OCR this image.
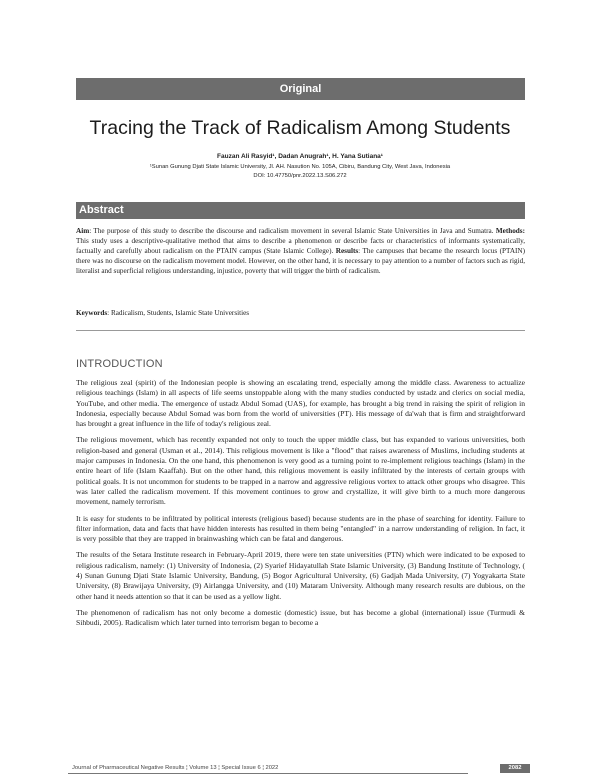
Original
Tracing the Track of Radicalism Among Students
Fauzan Ali Rasyid¹, Dadan Anugrah¹, H. Yana Sutiana¹
¹Sunan Gunung Djati State Islamic University, Jl. AH. Nasution No. 105A, Cibiru, Bandung City, West Java, Indonesia
DOI: 10.47750/pnr.2022.13.S06.272
Abstract
Aim: The purpose of this study to describe the discourse and radicalism movement in several Islamic State Universities in Java and Sumatra. Methods: This study uses a descriptive-qualitative method that aims to describe a phenomenon or describe facts or characteristics of informants systematically, factually and carefully about radicalism on the PTAIN campus (State Islamic College). Results: The campuses that became the research locus (PTAIN) there was no discourse on the radicalism movement model. However, on the other hand, it is necessary to pay attention to a number of factors such as rigid, literalist and superficial religious understanding, injustice, poverty that will trigger the birth of radicalism.
Keywords: Radicalism, Students, Islamic State Universities
INTRODUCTION

The religious zeal (spirit) of the Indonesian people is showing an escalating trend, especially among the middle class. Awareness to actualize religious teachings (Islam) in all aspects of life seems unstoppable along with the many studies conducted by ustadz and clerics on social media, YouTube, and other media. The emergence of ustadz Abdul Somad (UAS), for example, has brought a big trend in raising the spirit of religion in Indonesia, especially because Abdul Somad was born from the world of universities (PT). His message of da'wah that is firm and straightforward has brought a great influence in the life of today's religious zeal.

The religious movement, which has recently expanded not only to touch the upper middle class, but has expanded to various universities, both religion-based and general (Usman et al., 2014). This religious movement is like a "flood" that raises awareness of Muslims, including students at major campuses in Indonesia. On the one hand, this phenomenon is very good as a turning point to re-implement religious teachings (Islam) in the entire heart of life (Islam Kaaffah). But on the other hand, this religious movement is easily infiltrated by the interests of certain groups with political goals. It is not uncommon for students to be trapped in a narrow and aggressive religious vortex to attack other groups who disagree. This was later called the radicalism movement. If this movement continues to grow and crystallize, it will give birth to a much more dangerous movement, namely terrorism.

It is easy for students to be infiltrated by political interests (religious based) because students are in the phase of searching for identity. Failure to filter information, data and facts that have hidden interests has resulted in them being "entangled" in a narrow understanding of religion. In fact, it is very possible that they are trapped in brainwashing which can be fatal and dangerous.

The results of the Setara Institute research in February-April 2019, there were ten state universities (PTN) which were indicated to be exposed to religious radicalism, namely: (1) University of Indonesia, (2) Syarief Hidayatullah State Islamic University, (3) Bandung Institute of Technology, ( 4) Sunan Gunung Djati State Islamic University, Bandung, (5) Bogor Agricultural University, (6) Gadjah Mada University, (7) Yogyakarta State University, (8) Brawijaya University, (9) Airlangga University, and (10) Mataram University. Although many research results are dubious, on the other hand it needs attention so that it can be used as a yellow light.

The phenomenon of radicalism has not only become a domestic (domestic) issue, but has become a global (international) issue (Turmudi & Sihbudi, 2005). Radicalism which later turned into terrorism began to become a

Journal of Pharmaceutical Negative Results ¦ Volume 13 ¦ Special Issue 6 ¦ 2022	2082
